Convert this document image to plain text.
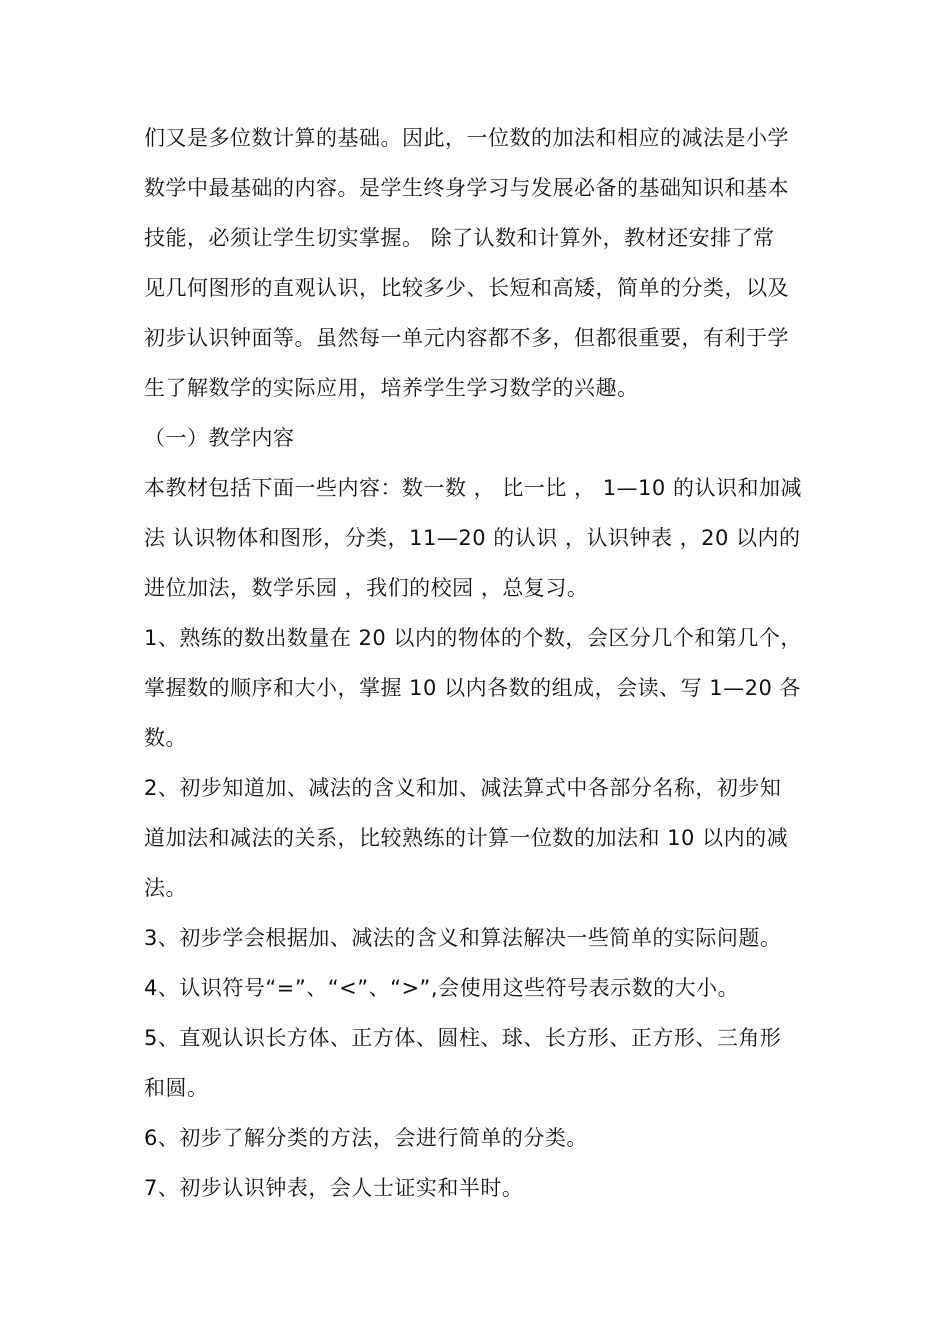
们又是多位数计算的基础。因此，一位数的加法和相应的减法是小学
数学中最基础的内容。是学生终身学习与发展必备的基础知识和基本
技能，必须让学生切实掌握。 除了认数和计算外，教材还安排了常
见几何图形的直观认识，比较多少、长短和高矮，简单的分类，以及
初步认识钟面等。虽然每一单元内容都不多，但都很重要，有利于学
生了解数学的实际应用，培养学生学习数学的兴趣。
（一）教学内容
本教材包括下面一些内容：数一数 ， 比一比 ， 1—10 的认识和加减
法 认识物体和图形，分类，11—20 的认识 ，认识钟表 ，20 以内的
进位加法，数学乐园 ，我们的校园 ，总复习。
1、熟练的数出数量在 20 以内的物体的个数，会区分几个和第几个，
掌握数的顺序和大小，掌握 10 以内各数的组成，会读、写 1—20 各
数。
2、初步知道加、减法的含义和加、减法算式中各部分名称，初步知
道加法和减法的关系，比较熟练的计算一位数的加法和 10 以内的减
法。
3、初步学会根据加、减法的含义和算法解决一些简单的实际问题。
4、认识符号“=”、“<”、“>”,会使用这些符号表示数的大小。
5、直观认识长方体、正方体、圆柱、球、长方形、正方形、三角形
和圆。
6、初步了解分类的方法，会进行简单的分类。
7、初步认识钟表，会人士证实和半时。
